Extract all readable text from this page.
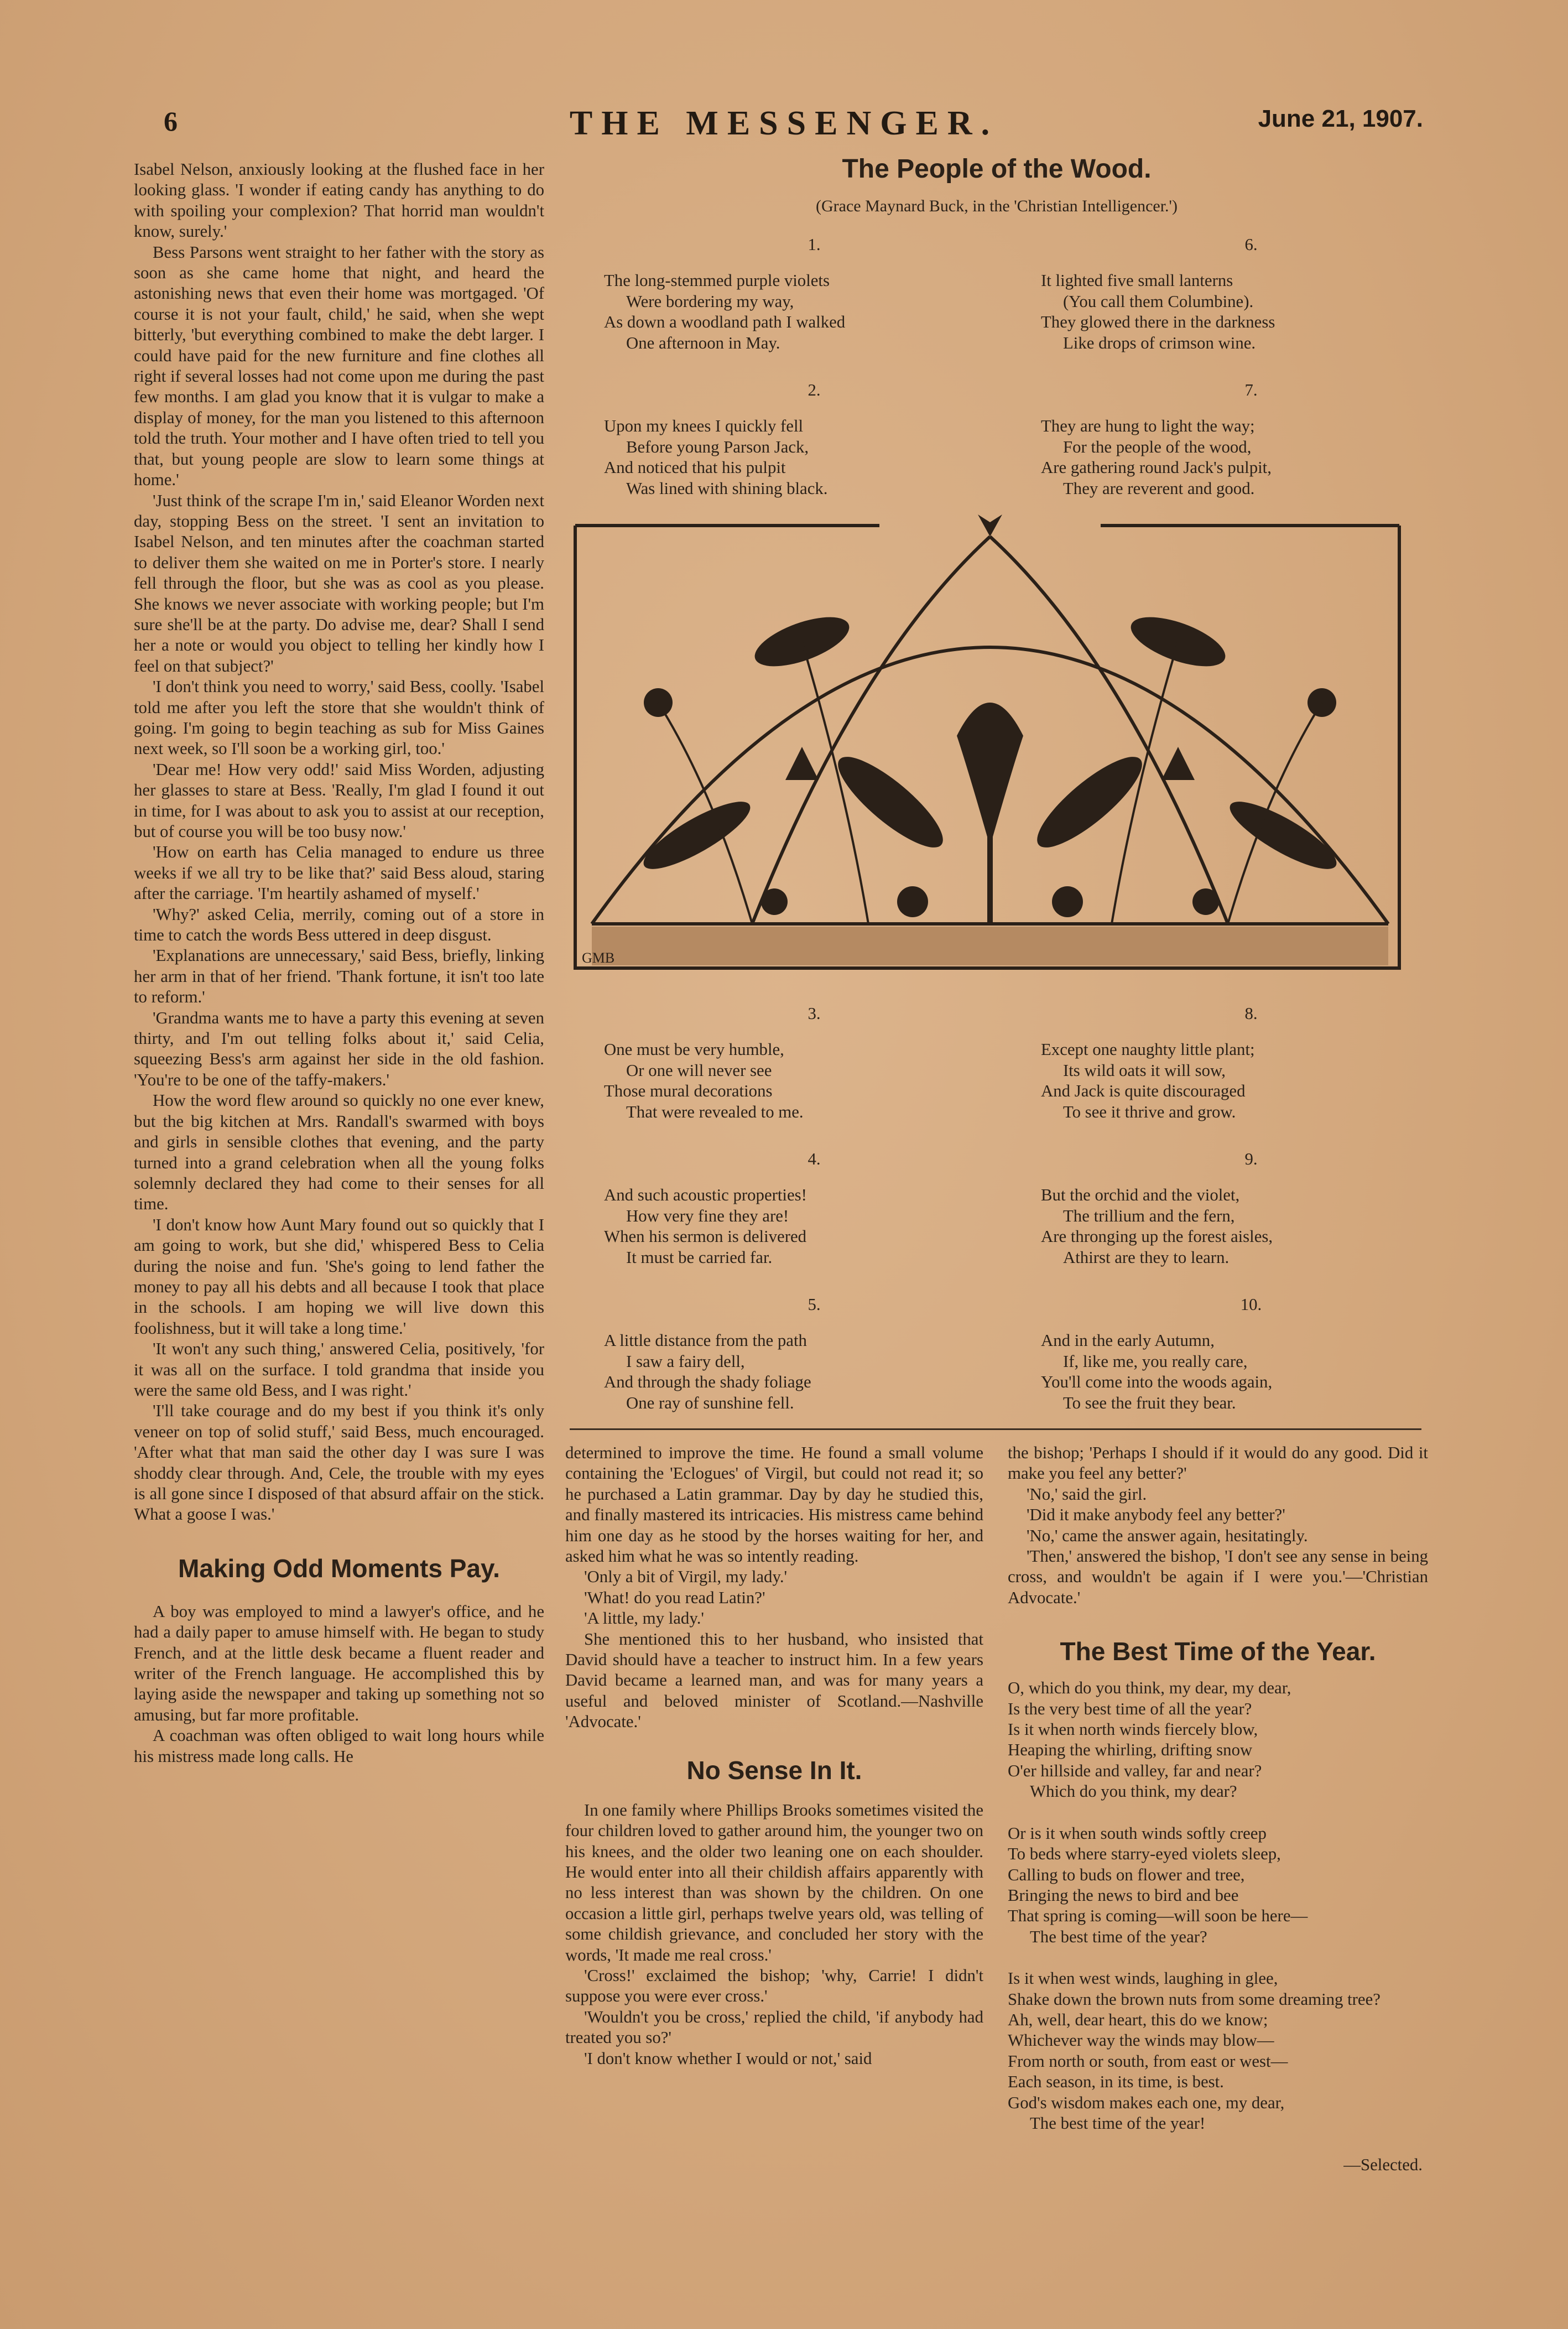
6	THE MESSENGER.	June 21, 1907.

Isabel Nelson, anxiously looking at the flushed face in her looking glass. 'I wonder if eating candy has anything to do with spoiling your complexion? That horrid man wouldn't know, surely.'

Bess Parsons went straight to her father with the story as soon as she came home that night, and heard the astonishing news that even their home was mortgaged. 'Of course it is not your fault, child,' he said, when she wept bitterly, 'but everything combined to make the debt larger. I could have paid for the new furniture and fine clothes all right if several losses had not come upon me during the past few months. I am glad you know that it is vulgar to make a display of money, for the man you listened to this afternoon told the truth. Your mother and I have often tried to tell you that, but young people are slow to learn some things at home.'

'Just think of the scrape I'm in,' said Eleanor Worden next day, stopping Bess on the street. 'I sent an invitation to Isabel Nelson, and ten minutes after the coachman started to deliver them she waited on me in Porter's store. I nearly fell through the floor, but she was as cool as you please. She knows we never associate with working people; but I'm sure she'll be at the party. Do advise me, dear? Shall I send her a note or would you object to telling her kindly how I feel on that subject?'

'I don't think you need to worry,' said Bess, coolly. 'Isabel told me after you left the store that she wouldn't think of going. I'm going to begin teaching as sub for Miss Gaines next week, so I'll soon be a working girl, too.'

'Dear me! How very odd!' said Miss Worden, adjusting her glasses to stare at Bess. 'Really, I'm glad I found it out in time, for I was about to ask you to assist at our reception, but of course you will be too busy now.'

'How on earth has Celia managed to endure us three weeks if we all try to be like that?' said Bess aloud, staring after the carriage. 'I'm heartily ashamed of myself.'

'Why?' asked Celia, merrily, coming out of a store in time to catch the words Bess uttered in deep disgust.

'Explanations are unnecessary,' said Bess, briefly, linking her arm in that of her friend. 'Thank fortune, it isn't too late to reform.'

'Grandma wants me to have a party this evening at seven thirty, and I'm out telling folks about it,' said Celia, squeezing Bess's arm against her side in the old fashion. 'You're to be one of the taffy-makers.'

How the word flew around so quickly no one ever knew, but the big kitchen at Mrs. Randall's swarmed with boys and girls in sensible clothes that evening, and the party turned into a grand celebration when all the young folks solemnly declared they had come to their senses for all time.

'I don't know how Aunt Mary found out so quickly that I am going to work, but she did,' whispered Bess to Celia during the noise and fun. 'She's going to lend father the money to pay all his debts and all because I took that place in the schools. I am hoping we will live down this foolishness, but it will take a long time.'

'It won't any such thing,' answered Celia, positively, 'for it was all on the surface. I told grandma that inside you were the same old Bess, and I was right.'

'I'll take courage and do my best if you think it's only veneer on top of solid stuff,' said Bess, much encouraged. 'After what that man said the other day I was sure I was shoddy clear through. And, Cele, the trouble with my eyes is all gone since I disposed of that absurd affair on the stick. What a goose I was.'

Making Odd Moments Pay.

A boy was employed to mind a lawyer's office, and he had a daily paper to amuse himself with. He began to study French, and at the little desk became a fluent reader and writer of the French language. He accomplished this by laying aside the newspaper and taking up something not so amusing, but far more profitable.

A coachman was often obliged to wait long hours while his mistress made long calls. He

The People of the Wood.
(Grace Maynard Buck, in the 'Christian Intelligencer.')
1.
The long-stemmed purple violets
Were bordering my way,
As down a woodland path I walked
One afternoon in May.
2.
Upon my knees I quickly fell
Before young Parson Jack,
And noticed that his pulpit
Was lined with shining black.
6.
It lighted five small lanterns
(You call them Columbine).
They glowed there in the darkness
Like drops of crimson wine.
7.
They are hung to light the way;
For the people of the wood,
Are gathering round Jack's pulpit,
They are reverent and good.
GMB
3.
One must be very humble,
Or one will never see
Those mural decorations
That were revealed to me.
4.
And such acoustic properties!
How very fine they are!
When his sermon is delivered
It must be carried far.
5.
A little distance from the path
I saw a fairy dell,
And through the shady foliage
One ray of sunshine fell.
8.
Except one naughty little plant;
Its wild oats it will sow,
And Jack is quite discouraged
To see it thrive and grow.
9.
But the orchid and the violet,
The trillium and the fern,
Are thronging up the forest aisles,
Athirst are they to learn.
10.
And in the early Autumn,
If, like me, you really care,
You'll come into the woods again,
To see the fruit they bear.

determined to improve the time. He found a small volume containing the 'Eclogues' of Virgil, but could not read it; so he purchased a Latin grammar. Day by day he studied this, and finally mastered its intricacies. His mistress came behind him one day as he stood by the horses waiting for her, and asked him what he was so intently reading.

'Only a bit of Virgil, my lady.'

'What! do you read Latin?'

'A little, my lady.'

She mentioned this to her husband, who insisted that David should have a teacher to instruct him. In a few years David became a learned man, and was for many years a useful and beloved minister of Scotland.—Nashville 'Advocate.'

No Sense In It.

In one family where Phillips Brooks sometimes visited the four children loved to gather around him, the younger two on his knees, and the older two leaning one on each shoulder. He would enter into all their childish affairs apparently with no less interest than was shown by the children. On one occasion a little girl, perhaps twelve years old, was telling of some childish grievance, and concluded her story with the words, 'It made me real cross.'

'Cross!' exclaimed the bishop; 'why, Carrie! I didn't suppose you were ever cross.'

'Wouldn't you be cross,' replied the child, 'if anybody had treated you so?'

'I don't know whether I would or not,' said

the bishop; 'Perhaps I should if it would do any good. Did it make you feel any better?'

'No,' said the girl.

'Did it make anybody feel any better?'

'No,' came the answer again, hesitatingly.

'Then,' answered the bishop, 'I don't see any sense in being cross, and wouldn't be again if I were you.'—'Christian Advocate.'

The Best Time of the Year.
O, which do you think, my dear, my dear,
Is the very best time of all the year?
Is it when north winds fiercely blow,
Heaping the whirling, drifting snow
O'er hillside and valley, far and near?
Which do you think, my dear?
Or is it when south winds softly creep
To beds where starry-eyed violets sleep,
Calling to buds on flower and tree,
Bringing the news to bird and bee
That spring is coming—will soon be here—
The best time of the year?
Is it when west winds, laughing in glee,
Shake down the brown nuts from some dreaming tree?
Ah, well, dear heart, this do we know;
Whichever way the winds may blow—
From north or south, from east or west—
Each season, in its time, is best.
God's wisdom makes each one, my dear,
The best time of the year!
—Selected.
